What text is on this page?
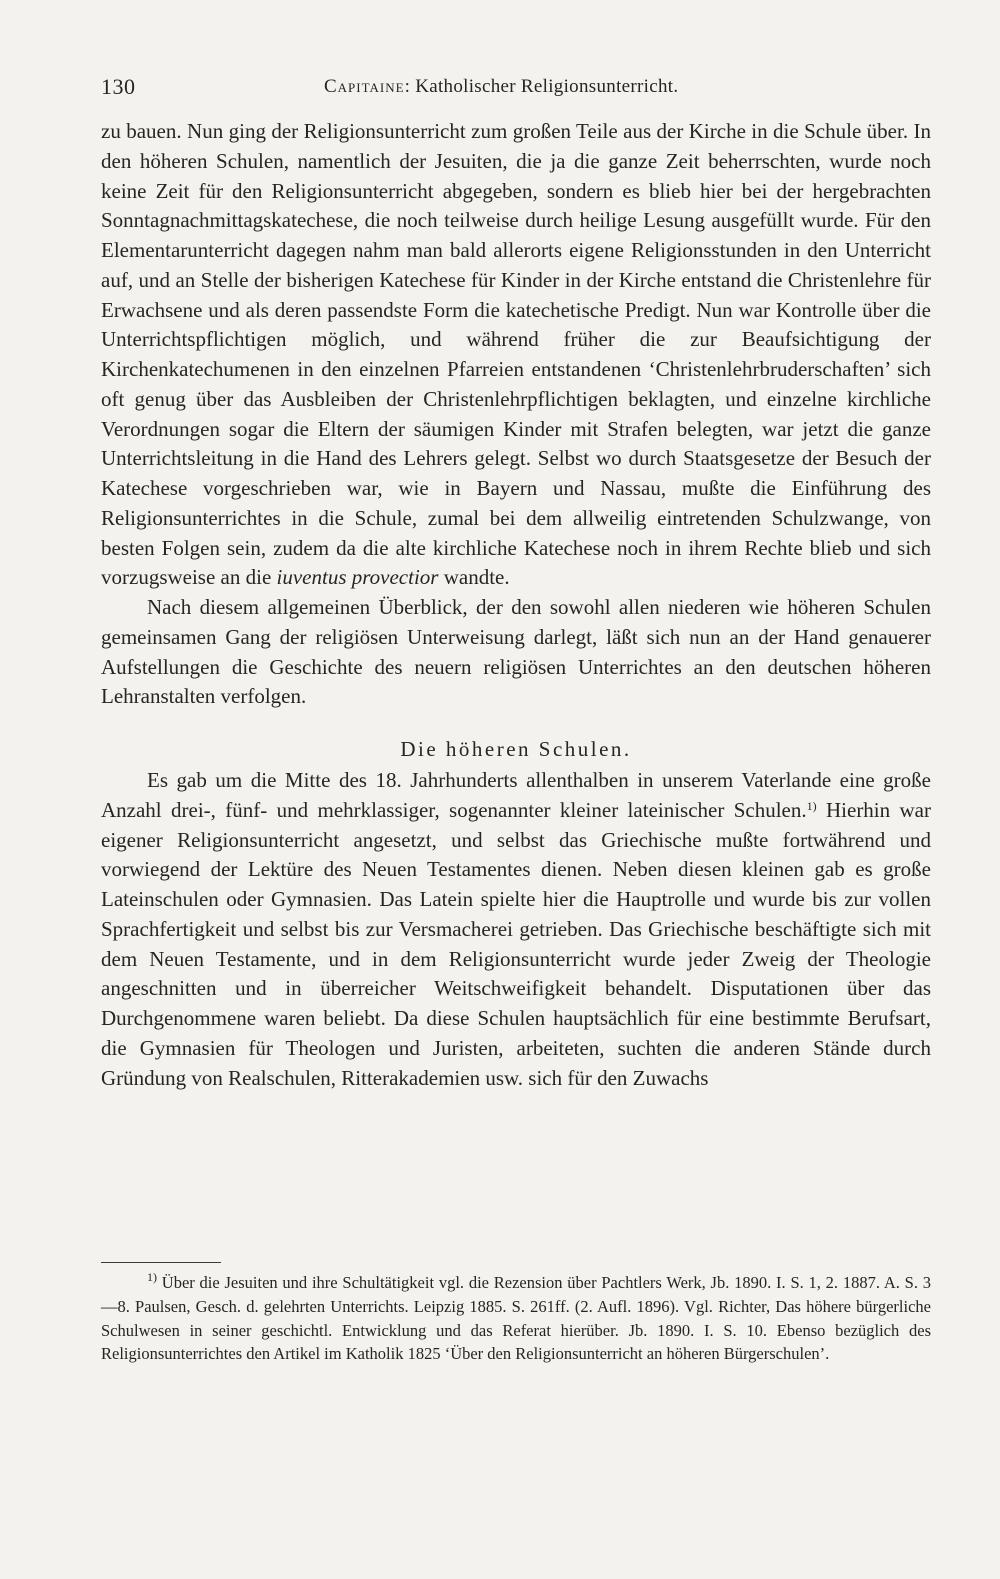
130	Capitaine: Katholischer Religionsunterricht.

zu bauen. Nun ging der Religionsunterricht zum großen Teile aus der Kirche in die Schule über. In den höheren Schulen, namentlich der Jesuiten, die ja die ganze Zeit beherrschten, wurde noch keine Zeit für den Religionsunterricht abgegeben, sondern es blieb hier bei der hergebrachten Sonntagnachmittagskatechese, die noch teilweise durch heilige Lesung ausgefüllt wurde. Für den Elementarunterricht dagegen nahm man bald allerorts eigene Religionsstunden in den Unterricht auf, und an Stelle der bisherigen Katechese für Kinder in der Kirche entstand die Christenlehre für Erwachsene und als deren passendste Form die katechetische Predigt. Nun war Kontrolle über die Unterrichtspflichtigen möglich, und während früher die zur Beaufsichtigung der Kirchenkatechumenen in den einzelnen Pfarreien entstandenen ‘Christenlehrbruderschaften’ sich oft genug über das Ausbleiben der Christenlehrpflichtigen beklagten, und einzelne kirchliche Verordnungen sogar die Eltern der säumigen Kinder mit Strafen belegten, war jetzt die ganze Unterrichtsleitung in die Hand des Lehrers gelegt. Selbst wo durch Staatsgesetze der Besuch der Katechese vorgeschrieben war, wie in Bayern und Nassau, mußte die Einführung des Religionsunterrichtes in die Schule, zumal bei dem allweilig eintretenden Schulzwange, von besten Folgen sein, zudem da die alte kirchliche Katechese noch in ihrem Rechte blieb und sich vorzugsweise an die iuventus provectior wandte.

Nach diesem allgemeinen Überblick, der den sowohl allen niederen wie höheren Schulen gemeinsamen Gang der religiösen Unterweisung darlegt, läßt sich nun an der Hand genauerer Aufstellungen die Geschichte des neuern religiösen Unterrichtes an den deutschen höheren Lehranstalten verfolgen.

Die höheren Schulen.

Es gab um die Mitte des 18. Jahrhunderts allenthalben in unserem Vaterlande eine große Anzahl drei-, fünf- und mehrklassiger, sogenannter kleiner lateinischer Schulen.$^{1)}$ Hierhin war eigener Religionsunterricht angesetzt, und selbst das Griechische mußte fortwährend und vorwiegend der Lektüre des Neuen Testamentes dienen. Neben diesen kleinen gab es große Lateinschulen oder Gymnasien. Das Latein spielte hier die Hauptrolle und wurde bis zur vollen Sprachfertigkeit und selbst bis zur Versmacherei getrieben. Das Griechische beschäftigte sich mit dem Neuen Testamente, und in dem Religionsunterricht wurde jeder Zweig der Theologie angeschnitten und in überreicher Weitschweifigkeit behandelt. Disputationen über das Durchgenommene waren beliebt. Da diese Schulen hauptsächlich für eine bestimmte Berufsart, die Gymnasien für Theologen und Juristen, arbeiteten, suchten die anderen Stände durch Gründung von Realschulen, Ritterakademien usw. sich für den Zuwachs

$^{1)}$ Über die Jesuiten und ihre Schultätigkeit vgl. die Rezension über Pachtlers Werk, Jb. 1890. I. S. 1, 2. 1887. A. S. 3—8. Paulsen, Gesch. d. gelehrten Unterrichts. Leipzig 1885. S. 261ff. (2. Aufl. 1896). Vgl. Richter, Das höhere bürgerliche Schulwesen in seiner geschichtl. Entwicklung und das Referat hierüber. Jb. 1890. I. S. 10. Ebenso bezüglich des Religionsunterrichtes den Artikel im Katholik 1825 ‘Über den Religionsunterricht an höheren Bürgerschulen’.
